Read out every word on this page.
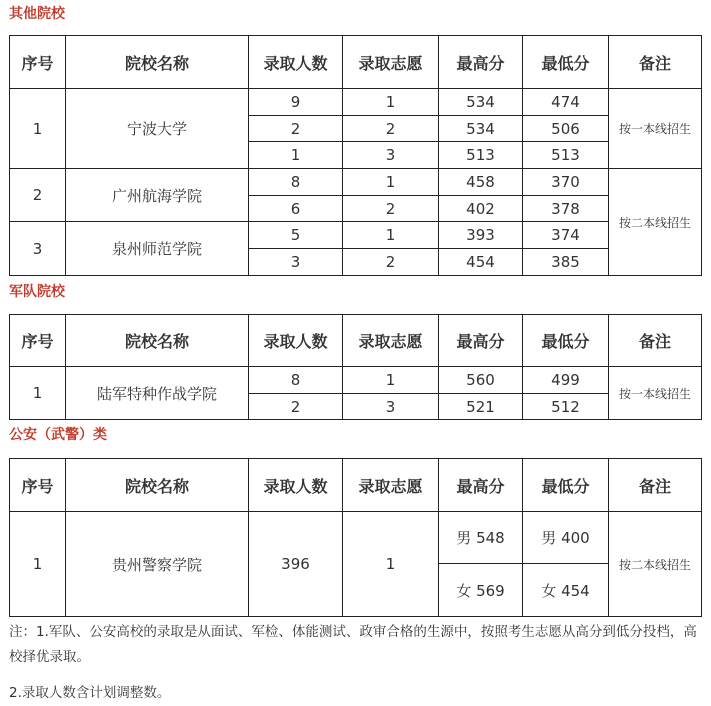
其他院校
序号	院校名称	录取人数	录取志愿	最高分	最低分	备注
1	宁波大学	9	1	534	474	按一本线招生
		2	2	534	506	
		1	3	513	513	
2	广州航海学院	8	1	458	370	按二本线招生
		6	2	402	378	
3	泉州师范学院	5	1	393	374	
		3	2	454	385	
军队院校
序号	院校名称	录取人数	录取志愿	最高分	最低分	备注
1	陆军特种作战学院	8	1	560	499	按一本线招生
		2	3	521	512	
公安（武警）类
序号	院校名称	录取人数	录取志愿	最高分	最低分	备注
1	贵州警察学院	396	1	男 548	男 400	按二本线招生
				女 569	女 454	
注：1.军队、公安高校的录取是从面试、军检、体能测试、政审合格的生源中，按照考生志愿从高分到低分投档，高校择优录取。
2.录取人数含计划调整数。
